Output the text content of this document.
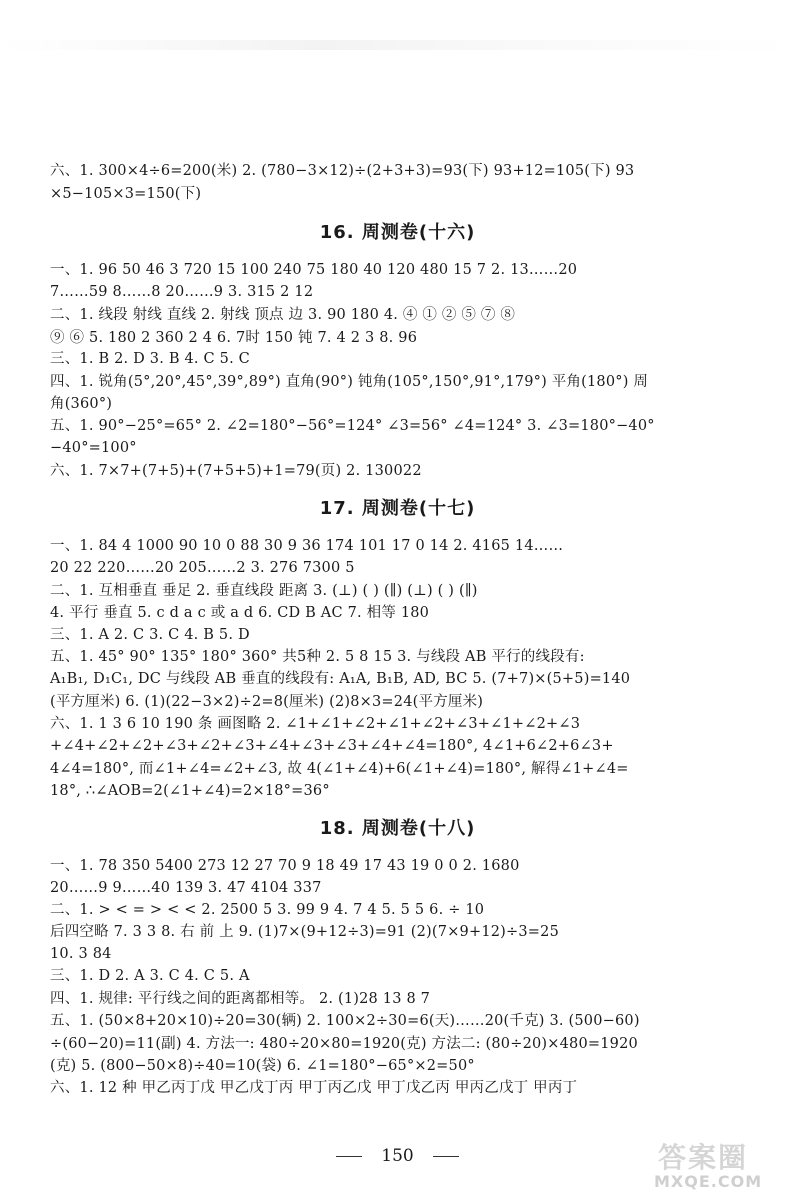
六、1. 300×4÷6=200(米) 2. (780−3×12)÷(2+3+3)=93(下) 93+12=105(下) 93
×5−105×3=150(下)
16. 周测卷(十六)
一、1. 96 50 46 3 720 15 100 240 75 180 40 120 480 15 7 2. 13……20
7……59 8……8 20……9 3. 315 2 12
二、1. 线段 射线 直线 2. 射线 顶点 边 3. 90 180 4. ④ ① ② ⑤ ⑦ ⑧
⑨ ⑥ 5. 180 2 360 2 4 6. 7时 150 钝 7. 4 2 3 8. 96
三、1. B 2. D 3. B 4. C 5. C
四、1. 锐角(5°,20°,45°,39°,89°) 直角(90°) 钝角(105°,150°,91°,179°) 平角(180°) 周
角(360°)
五、1. 90°−25°=65° 2. ∠2=180°−56°=124° ∠3=56° ∠4=124° 3. ∠3=180°−40°
−40°=100°
六、1. 7×7+(7+5)+(7+5+5)+1=79(页) 2. 130022
17. 周测卷(十七)
一、1. 84 4 1000 90 10 0 88 30 9 36 174 101 17 0 14 2. 4165 14……
20 22 220……20 205……2 3. 276 7300 5
二、1. 互相垂直 垂足 2. 垂直线段 距离 3. (⊥) ( ) (∥) (⊥) ( ) (∥)
4. 平行 垂直 5. c d a c 或 a d 6. CD B AC 7. 相等 180
三、1. A 2. C 3. C 4. B 5. D
五、1. 45° 90° 135° 180° 360° 共5种 2. 5 8 15 3. 与线段 AB 平行的线段有:
A₁B₁, D₁C₁, DC 与线段 AB 垂直的线段有: A₁A, B₁B, AD, BC 5. (7+7)×(5+5)=140
(平方厘米) 6. (1)(22−3×2)÷2=8(厘米) (2)8×3=24(平方厘米)
六、1. 1 3 6 10 190 条 画图略 2. ∠1+∠1+∠2+∠1+∠2+∠3+∠1+∠2+∠3
+∠4+∠2+∠2+∠3+∠2+∠3+∠4+∠3+∠3+∠4+∠4=180°, 4∠1+6∠2+6∠3+
4∠4=180°, 而∠1+∠4=∠2+∠3, 故 4(∠1+∠4)+6(∠1+∠4)=180°, 解得∠1+∠4=
18°, ∴∠AOB=2(∠1+∠4)=2×18°=36°
18. 周测卷(十八)
一、1. 78 350 5400 273 12 27 70 9 18 49 17 43 19 0 0 2. 1680
20……9 9……40 139 3. 47 4104 337
二、1. > < = > < < 2. 2500 5 3. 99 9 4. 7 4 5. 5 5 6. ÷ 10
后四空略 7. 3 3 8. 右 前 上 9. (1)7×(9+12÷3)=91 (2)(7×9+12)÷3=25
10. 3 84
三、1. D 2. A 3. C 4. C 5. A
四、1. 规律: 平行线之间的距离都相等。 2. (1)28 13 8 7
五、1. (50×8+20×10)÷20=30(辆) 2. 100×2÷30=6(天)……20(千克) 3. (500−60)
÷(60−20)=11(副) 4. 方法一: 480÷20×80=1920(克) 方法二: (80÷20)×480=1920
(克) 5. (800−50×8)÷40=10(袋) 6. ∠1=180°−65°×2=50°
六、1. 12 种 甲乙丙丁戊 甲乙戊丁丙 甲丁丙乙戊 甲丁戊乙丙 甲丙乙戊丁 甲丙丁
150	答案圈
MXQE.COM
